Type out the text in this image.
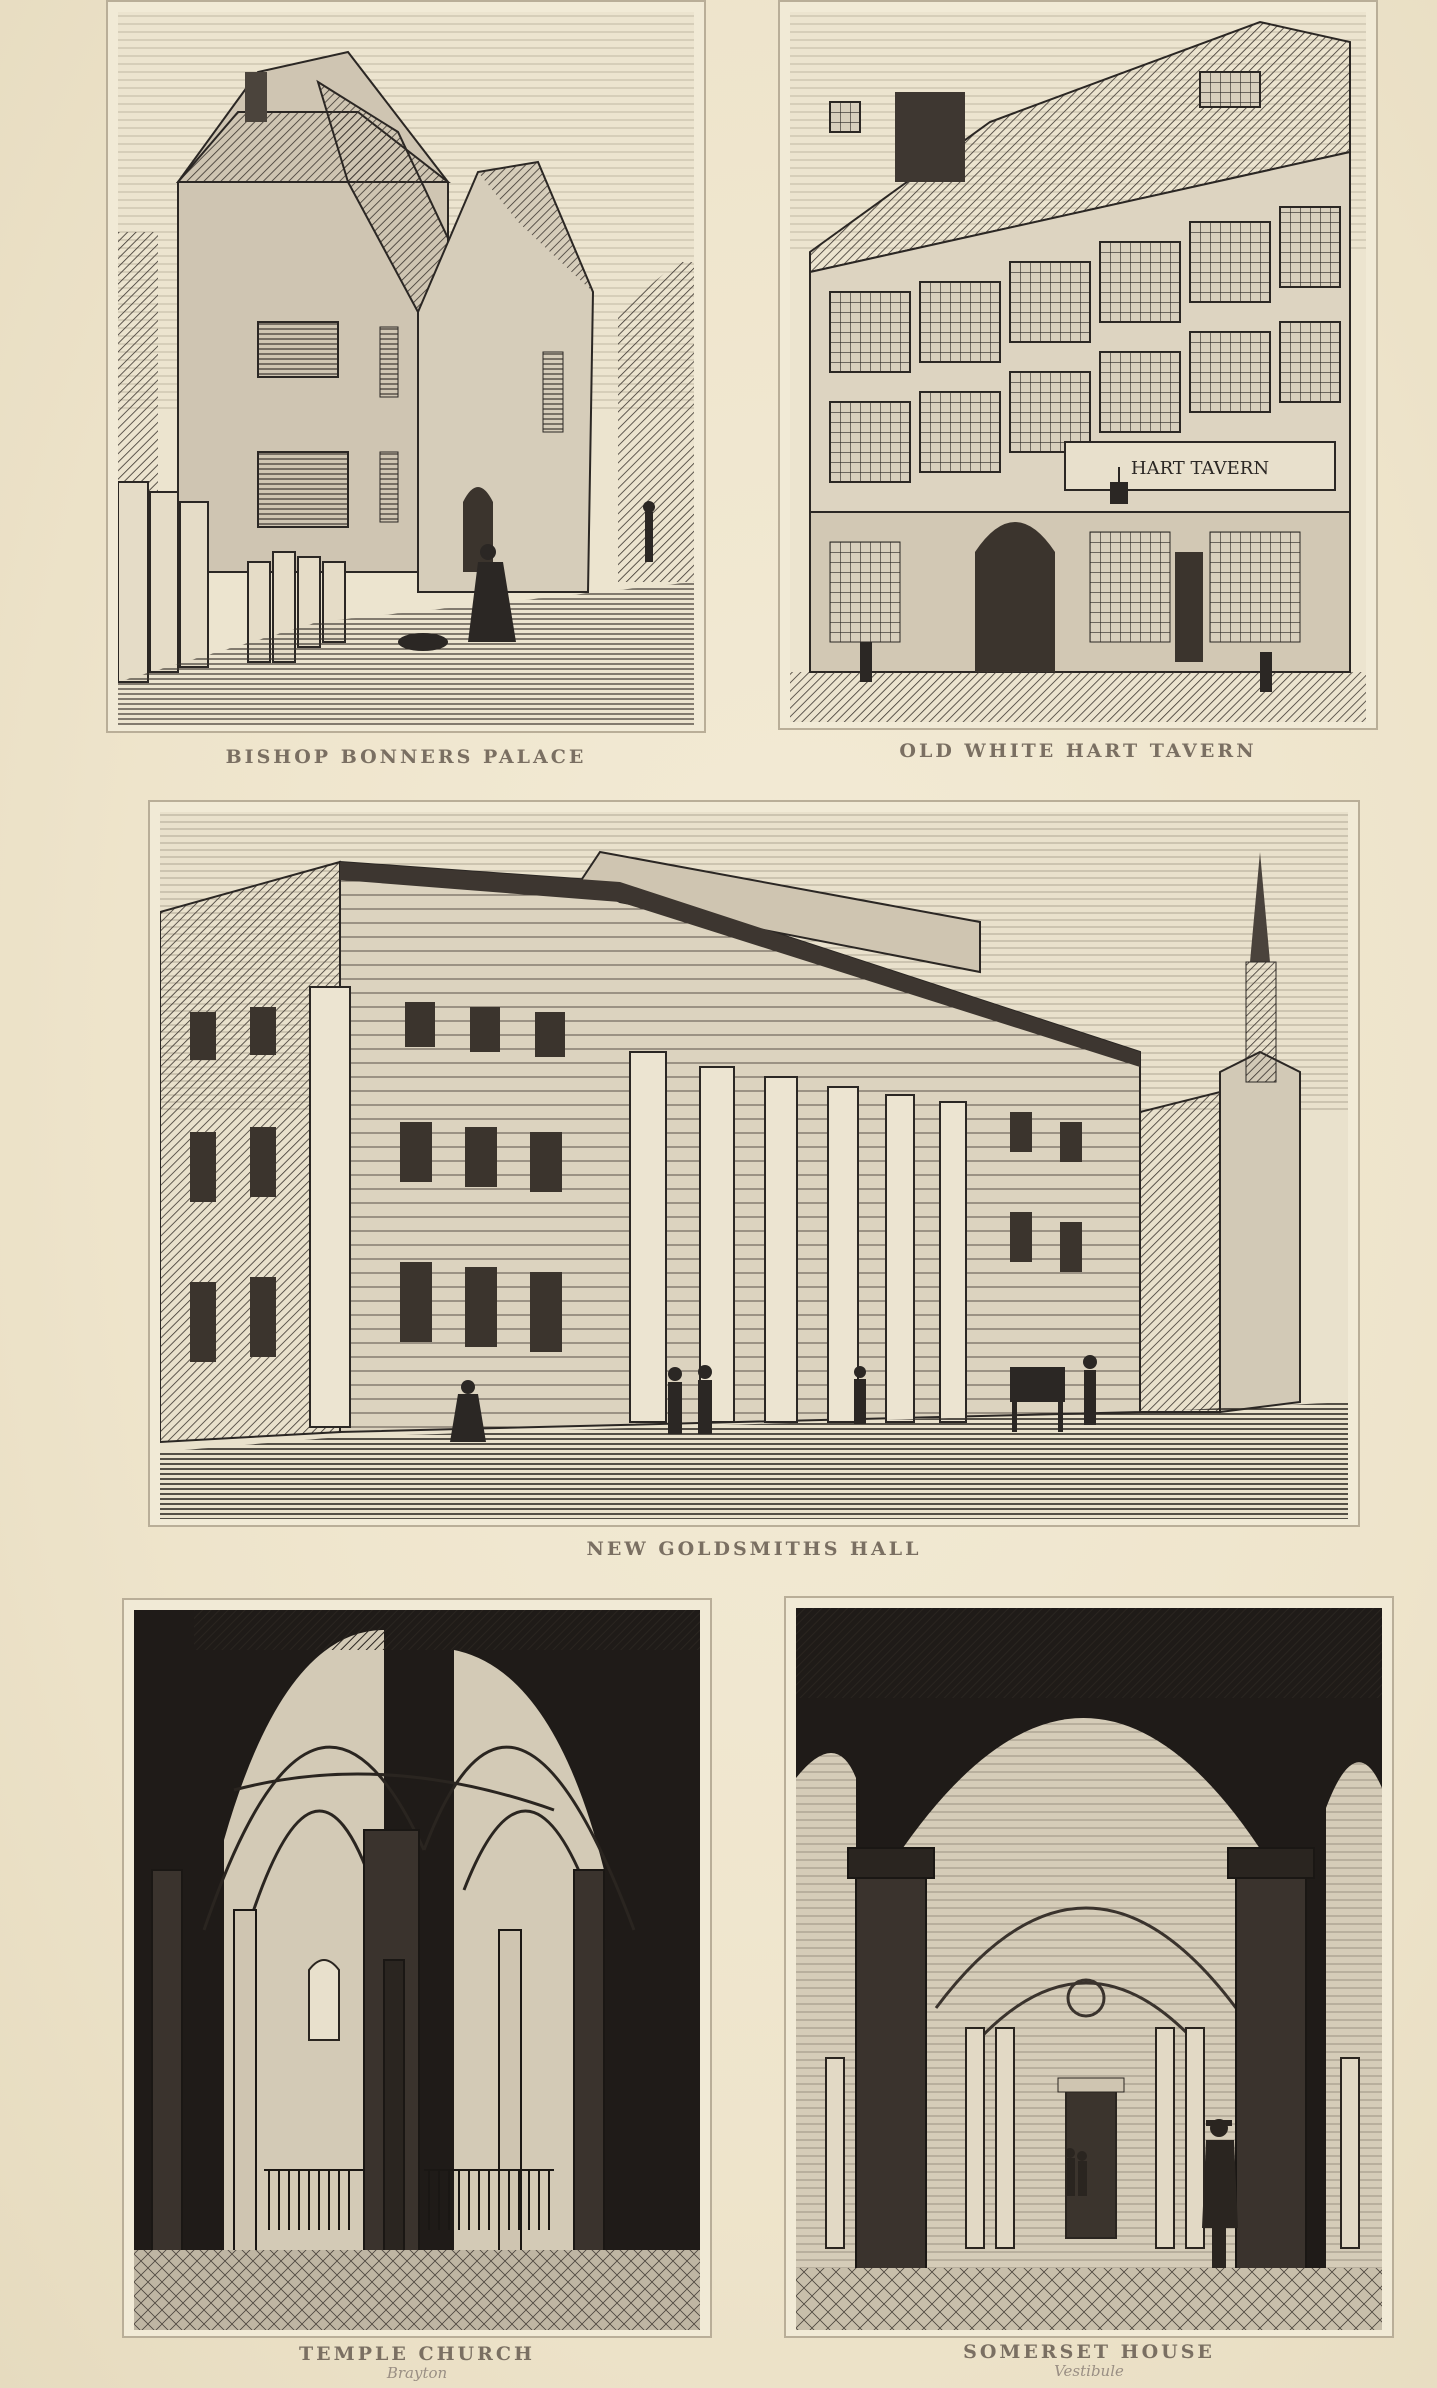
BISHOP BONNERS PALACE
HART TAVERN
OLD WHITE HART TAVERN
NEW GOLDSMITHS HALL
TEMPLE CHURCH
Brayton
SOMERSET HOUSE
Vestibule
